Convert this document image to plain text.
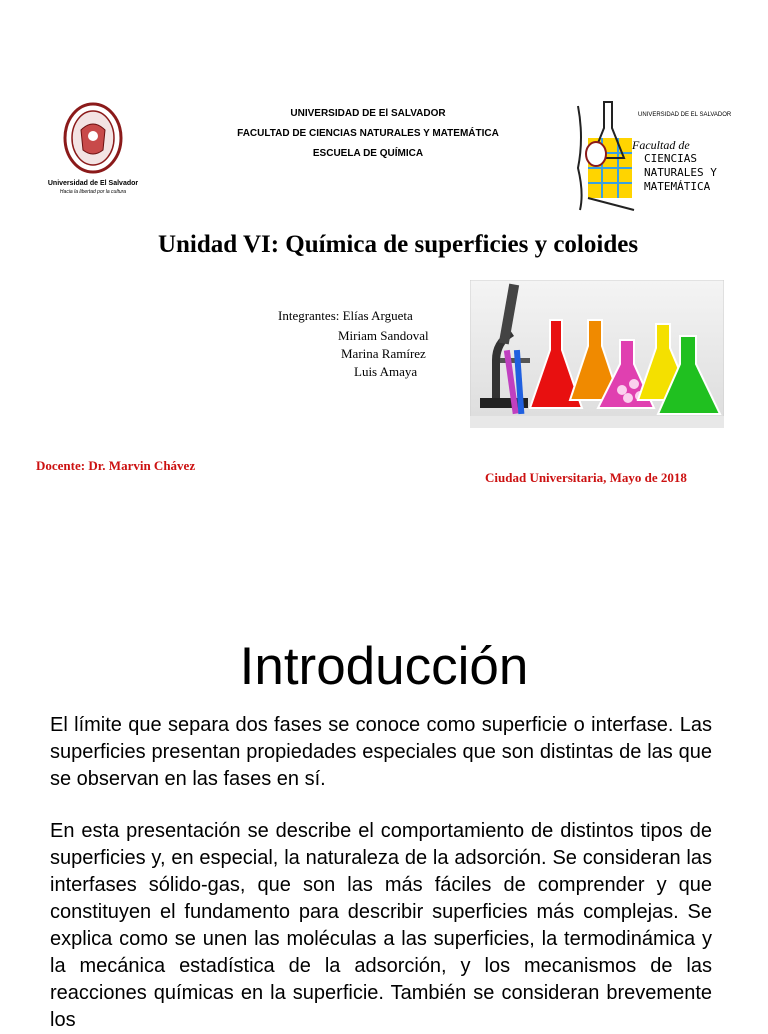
Universidad de El Salvador
Hacia la libertad por la cultura
UNIVERSIDAD DE El SALVADOR
FACULTAD DE CIENCIAS NATURALES Y MATEMÁTICA
ESCUELA DE QUÍMICA
UNIVERSIDAD DE EL SALVADOR
Facultad de
CIENCIAS
NATURALES Y
MATEMÁTICA
Unidad VI: Química de superficies y coloides
Integrantes: Elías Argueta
Miriam Sandoval
Marina Ramírez
Luis Amaya
Docente: Dr. Marvin Chávez
Ciudad Universitaria, Mayo de 2018
Introducción
El límite que separa dos fases se conoce como superficie o interfase. Las superficies presentan propiedades especiales que son distintas de las que se observan en las fases en sí.
En esta presentación se describe el comportamiento de distintos tipos de superficies y, en especial, la naturaleza de la adsorción. Se consideran las interfases sólido-gas, que son las más fáciles de comprender y que constituyen el fundamento para describir superficies más complejas. Se explica como se unen las moléculas a las superficies, la termodinámica y la mecánica estadística de la adsorción, y los mecanismos de las reacciones químicas en la superficie. También se consideran brevemente los
